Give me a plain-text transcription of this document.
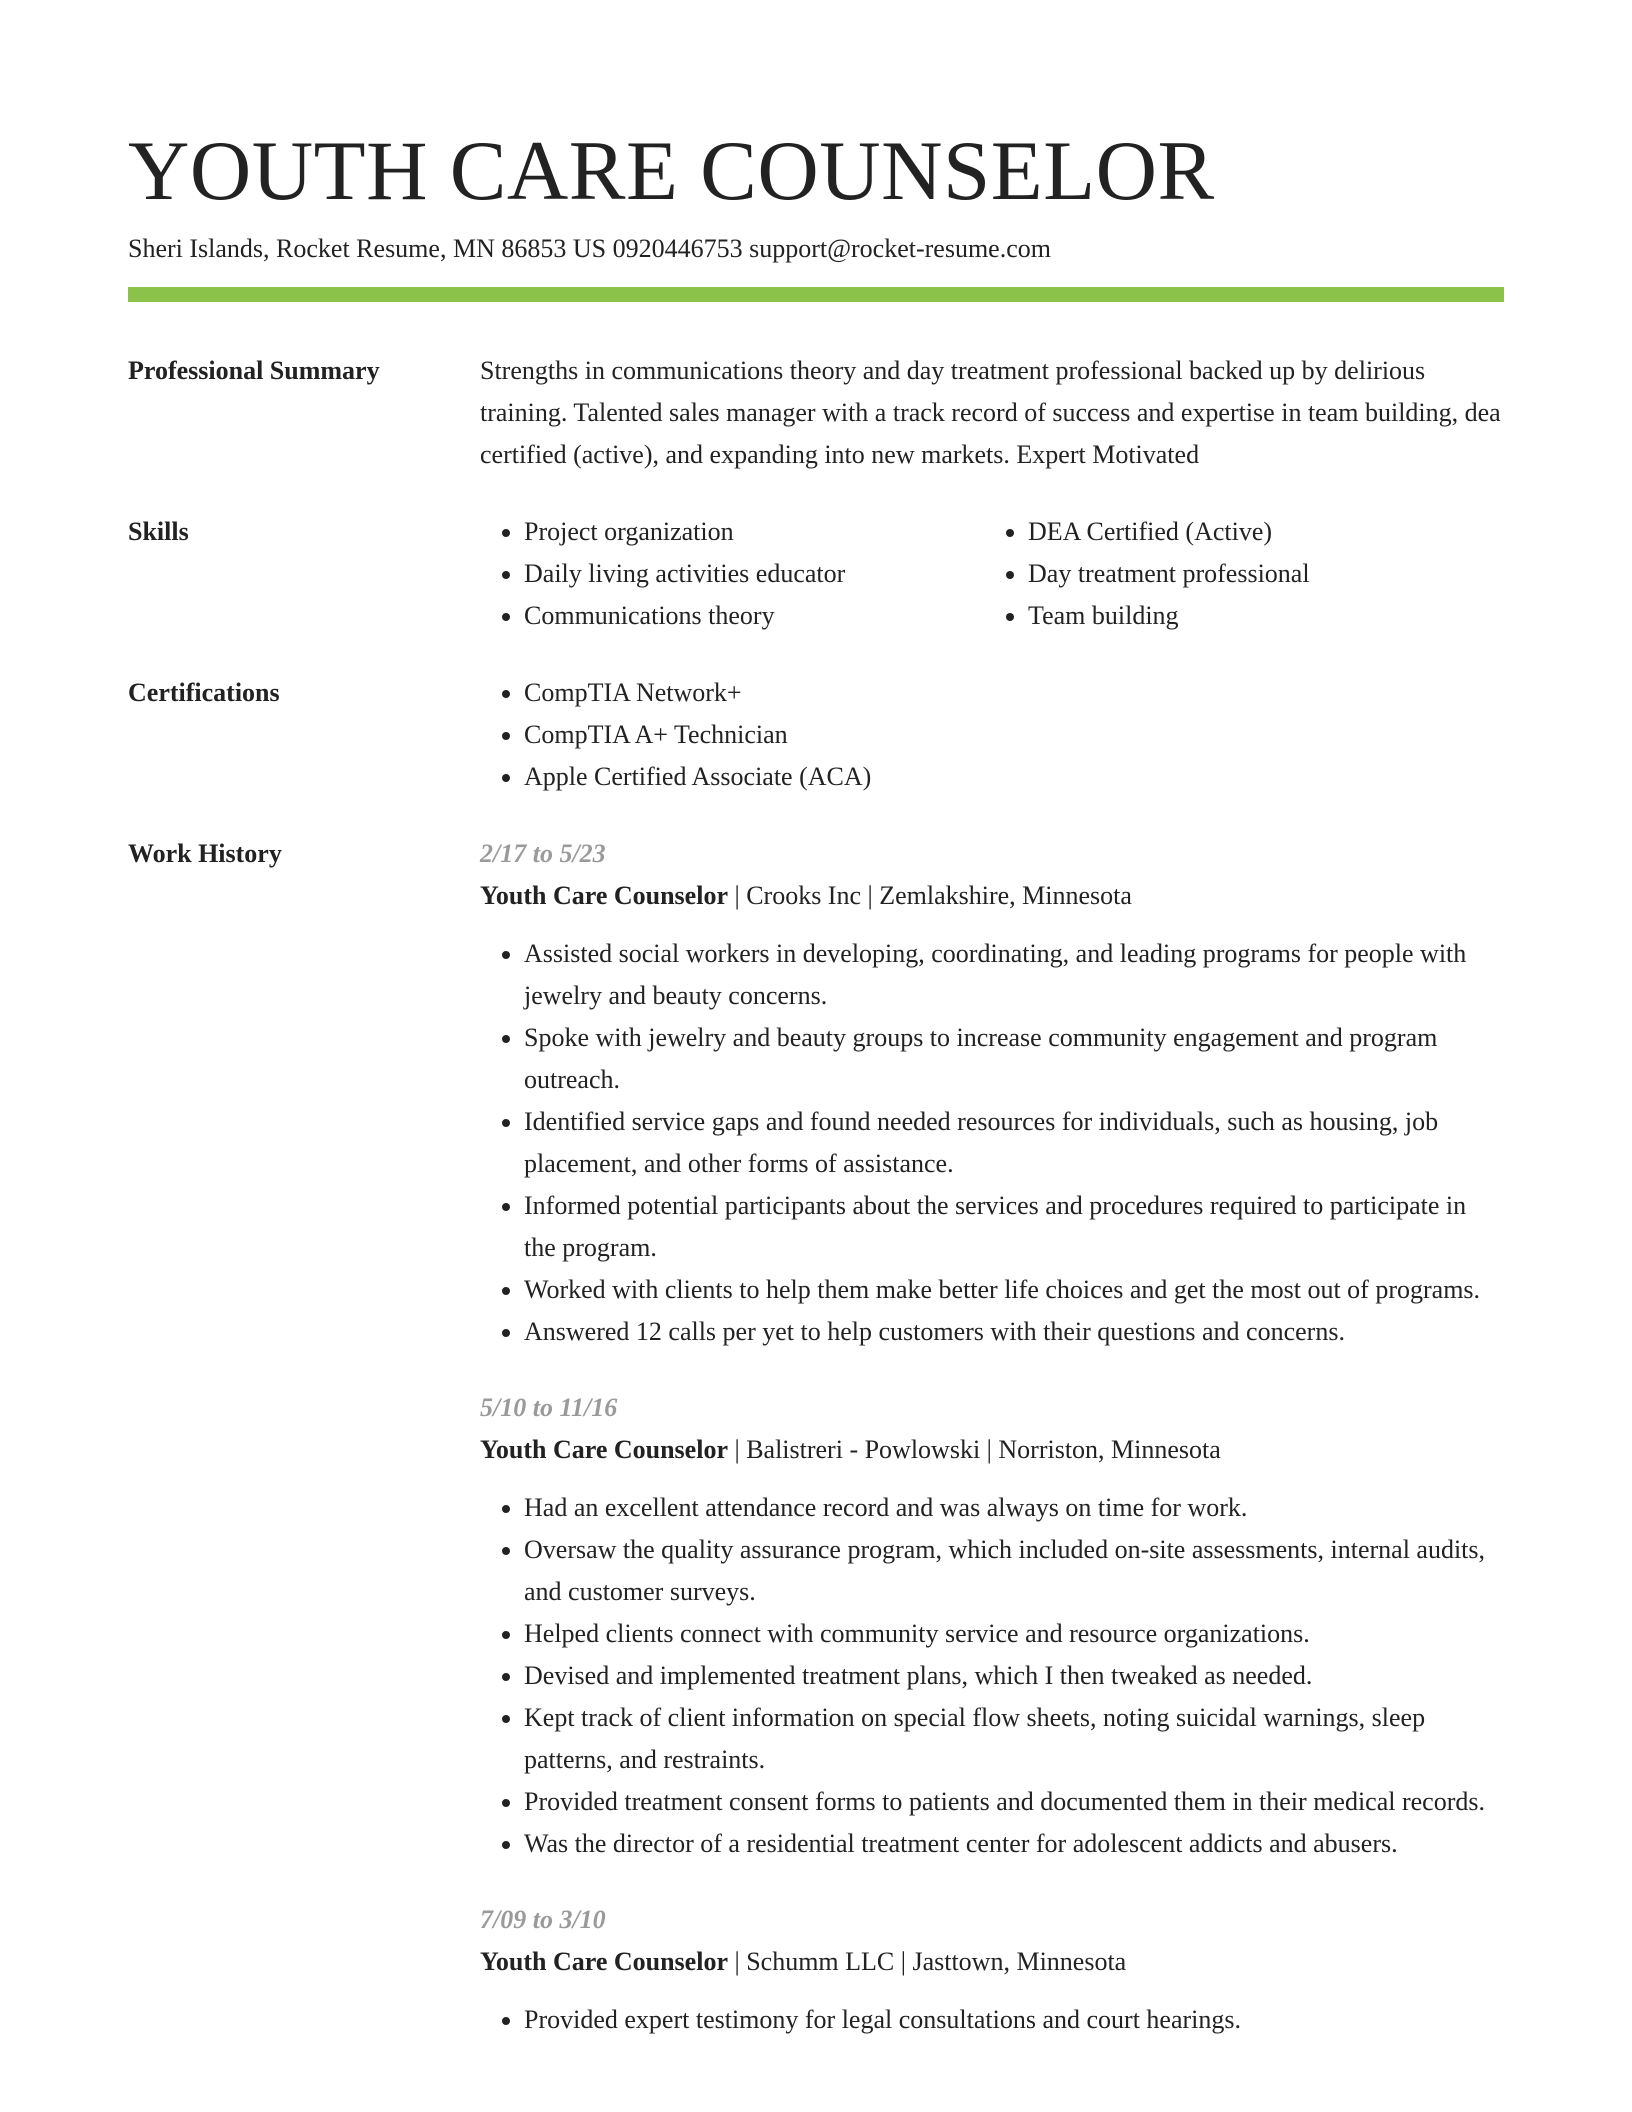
YOUTH CARE COUNSELOR
Sheri Islands, Rocket Resume, MN 86853 US 0920446753 support@rocket-resume.com
Professional Summary	Strengths in communications theory and day treatment professional backed up by delirious training. Talented sales manager with a track record of success and expertise in team building, dea certified (active), and expanding into new markets. Expert Motivated
Skills	• Project organization
• Daily living activities educator
• Communications theory
• DEA Certified (Active)
• Day treatment professional
• Team building
Certifications	• CompTIA Network+
• CompTIA A+ Technician
• Apple Certified Associate (ACA)
Work History	2/17 to 5/23
Youth Care Counselor | Crooks Inc | Zemlakshire, Minnesota
• Assisted social workers in developing, coordinating, and leading programs for people with jewelry and beauty concerns.
• Spoke with jewelry and beauty groups to increase community engagement and program outreach.
• Identified service gaps and found needed resources for individuals, such as housing, job placement, and other forms of assistance.
• Informed potential participants about the services and procedures required to participate in the program.
• Worked with clients to help them make better life choices and get the most out of programs.
• Answered 12 calls per yet to help customers with their questions and concerns.
5/10 to 11/16
Youth Care Counselor | Balistreri - Powlowski | Norriston, Minnesota
• Had an excellent attendance record and was always on time for work.
• Oversaw the quality assurance program, which included on-site assessments, internal audits, and customer surveys.
• Helped clients connect with community service and resource organizations.
• Devised and implemented treatment plans, which I then tweaked as needed.
• Kept track of client information on special flow sheets, noting suicidal warnings, sleep patterns, and restraints.
• Provided treatment consent forms to patients and documented them in their medical records.
• Was the director of a residential treatment center for adolescent addicts and abusers.
7/09 to 3/10
Youth Care Counselor | Schumm LLC | Jasttown, Minnesota
• Provided expert testimony for legal consultations and court hearings.
